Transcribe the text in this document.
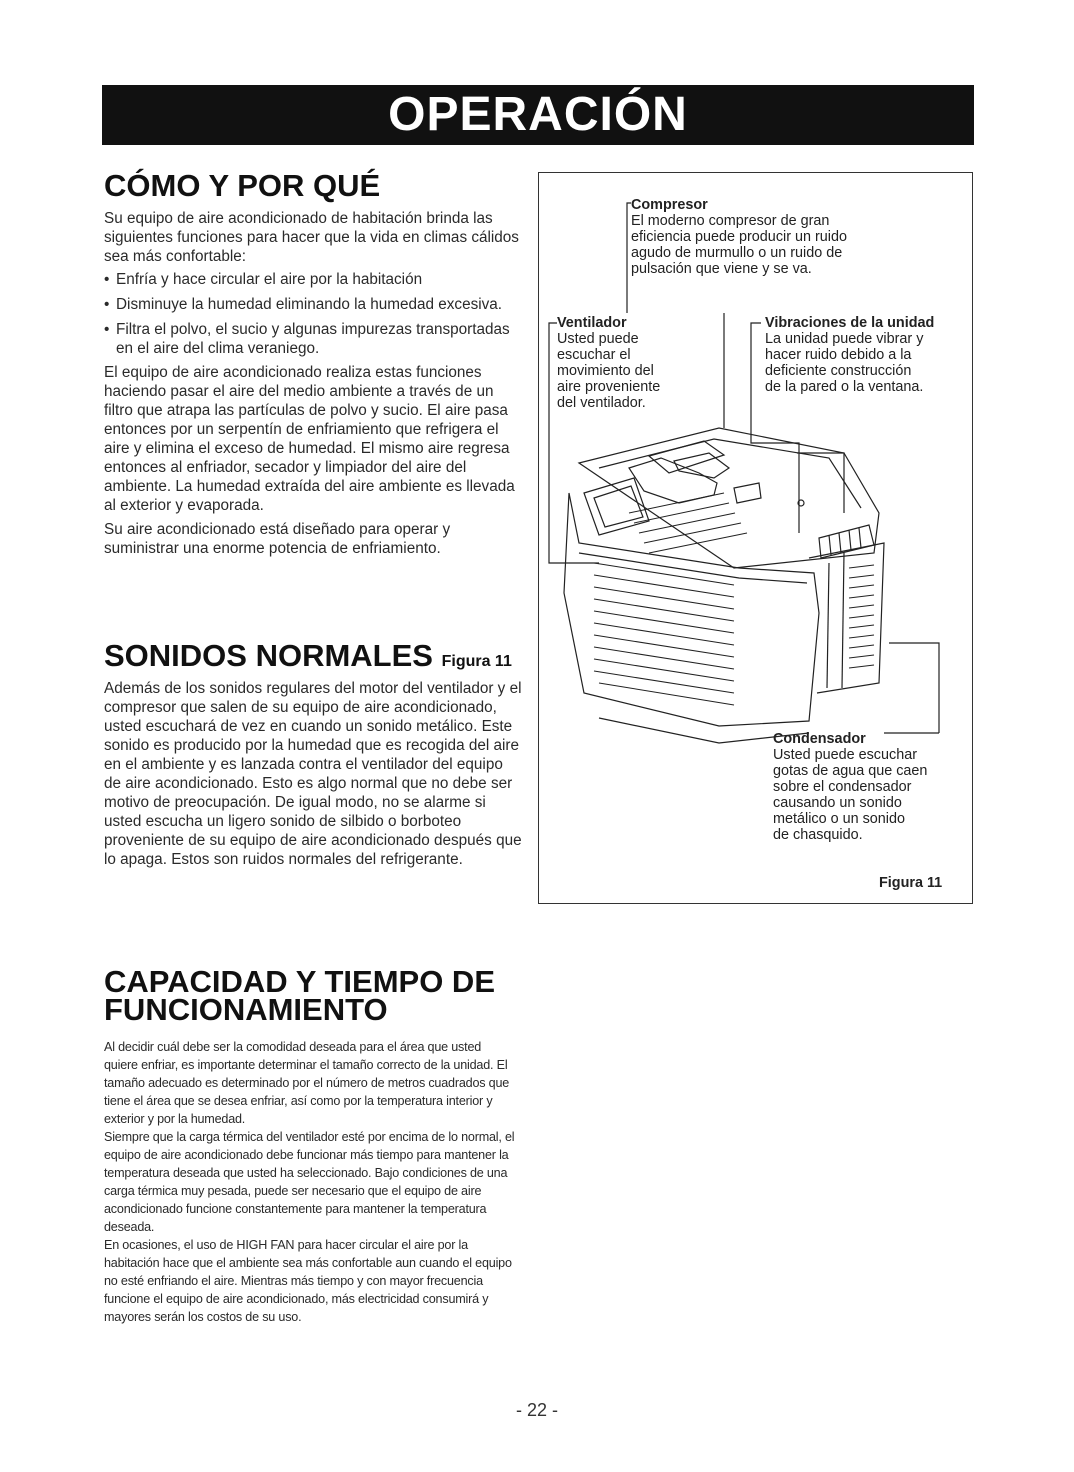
OPERACIÓN
CÓMO Y POR QUÉ

Su equipo de aire acondicionado de habitación brinda las siguientes funciones para hacer que la vida en climas cálidos sea más confortable:

• Enfría y hace circular el aire por la habitación
• Disminuye la humedad eliminando la humedad excesiva.
• Filtra el polvo, el sucio y algunas impurezas transportadas en el aire del clima veraniego.

El equipo de aire acondicionado realiza estas funciones haciendo pasar el aire del medio ambiente a través de un filtro que atrapa las partículas de polvo y sucio. El aire pasa entonces por un serpentín de enfriamiento que refrigera el aire y elimina el exceso de humedad. El mismo aire regresa entonces al enfriador, secador y limpiador del aire del ambiente. La humedad extraída del aire ambiente es llevada al exterior y evaporada.

Su aire acondicionado está diseñado para operar y suministrar una enorme potencia de enfriamiento.

SONIDOS NORMALES Figura 11

Además de los sonidos regulares del motor del ventilador y el compresor que salen de su equipo de aire acondicionado, usted escuchará de vez en cuando un sonido metálico. Este sonido es producido por la humedad que es recogida del aire en el ambiente y es lanzada contra el ventilador del equipo de aire acondicionado. Esto es algo normal que no debe ser motivo de preocupación. De igual modo, no se alarme si usted escucha un ligero sonido de silbido o borboteo proveniente de su equipo de aire acondicionado después que lo apaga. Estos son ruidos normales del refrigerante.

CAPACIDAD Y TIEMPO DE
FUNCIONAMIENTO

Al decidir cuál debe ser la comodidad deseada para el área que usted quiere enfriar, es importante determinar el tamaño correcto de la unidad. El tamaño adecuado es determinado por el número de metros cuadrados que tiene el área que se desea enfriar, así como por la temperatura interior y exterior y por la humedad.

Siempre que la carga térmica del ventilador esté por encima de lo normal, el equipo de aire acondicionado debe funcionar más tiempo para mantener la temperatura deseada que usted ha seleccionado. Bajo condiciones de una carga térmica muy pesada, puede ser necesario que el equipo de aire acondicionado funcione constantemente para mantener la temperatura deseada.

En ocasiones, el uso de HIGH FAN para hacer circular el aire por la habitación hace que el ambiente sea más confortable aun cuando el equipo no esté enfriando el aire. Mientras más tiempo y con mayor frecuencia funcione el equipo de aire acondicionado, más electricidad consumirá y mayores serán los costos de su uso.

Compresor
El moderno compresor de gran
eficiencia puede producir un ruido
agudo de murmullo o un ruido de
pulsación que viene y se va.
Ventilador
Usted puede
escuchar el
movimiento del
aire proveniente
del ventilador.
Vibraciones de la unidad
La unidad puede vibrar y
hacer ruido debido a la
deficiente construcción
de la pared o la ventana.
Condensador
Usted puede escuchar
gotas de agua que caen
sobre el condensador
causando un sonido
metálico o un sonido
de chasquido.
Figura 11
- 22 -
